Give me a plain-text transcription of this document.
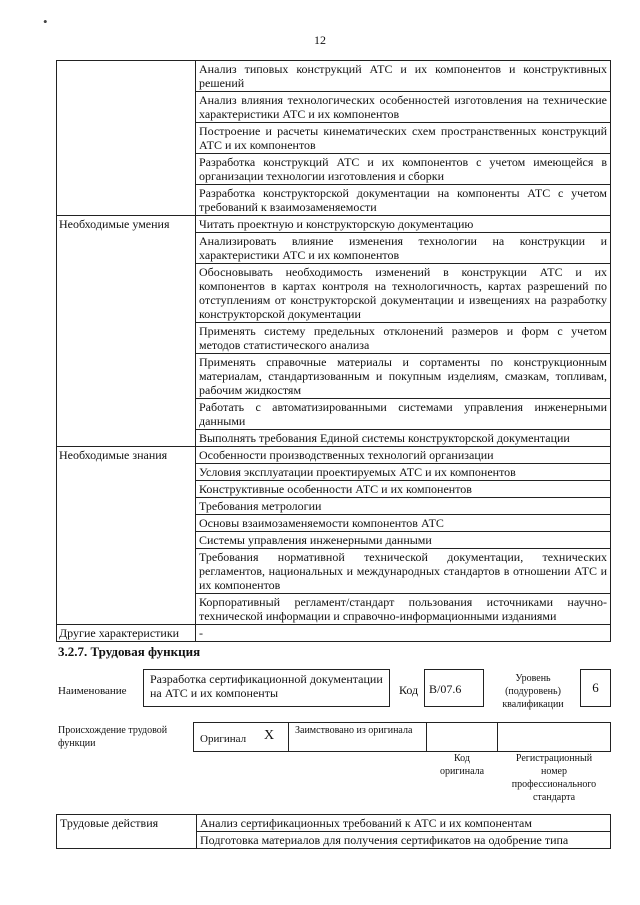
•
12
	Анализ типовых конструкций АТС и их компонентов и конструктивных решений
	Анализ влияния технологических особенностей изготовления на технические характеристики АТС и их компонентов
	Построение и расчеты кинематических схем пространственных конструкций АТС и их компонентов
	Разработка конструкций АТС и их компонентов с учетом имеющейся в организации технологии изготовления и сборки
	Разработка конструкторской документации на компоненты АТС с учетом требований к взаимозаменяемости
Необходимые умения	Читать проектную и конструкторскую документацию
	Анализировать влияние изменения технологии на конструкции и характеристики АТС и их компонентов
	Обосновывать необходимость изменений в конструкции АТС и их компонентов в картах контроля на технологичность, картах разрешений по отступлениям от конструкторской документации и извещениях на разработку конструкторской документации
	Применять систему предельных отклонений размеров и форм с учетом методов статистического анализа
	Применять справочные материалы и сортаменты по конструкционным материалам, стандартизованным и покупным изделиям, смазкам, топливам, рабочим жидкостям
	Работать с автоматизированными системами управления инженерными данными
	Выполнять требования Единой системы конструкторской документации
Необходимые знания	Особенности производственных технологий организации
	Условия эксплуатации проектируемых АТС и их компонентов
	Конструктивные особенности АТС и их компонентов
	Требования метрологии
	Основы взаимозаменяемости компонентов АТС
	Системы управления инженерными данными
	Требования нормативной технической документации, технических регламентов, национальных и международных стандартов в отношении АТС и их компонентов
	Корпоративный регламент/стандарт пользования источниками научно-технической информации и справочно-информационными изданиями
Другие характеристики	-
3.2.7. Трудовая функция
Наименование
Разработка сертификационной документации на АТС и их компоненты	Код B/07.6
Уровень (подуровень) квалификации
6
Происхождение трудовой функции	Оригинал X	Заимствовано из оригинала
Код оригинала
Регистрационный номер профессионального стандарта
Трудовые действия	Анализ сертификационных требований к АТС и их компонентам
Подготовка материалов для получения сертификатов на одобрение типа
